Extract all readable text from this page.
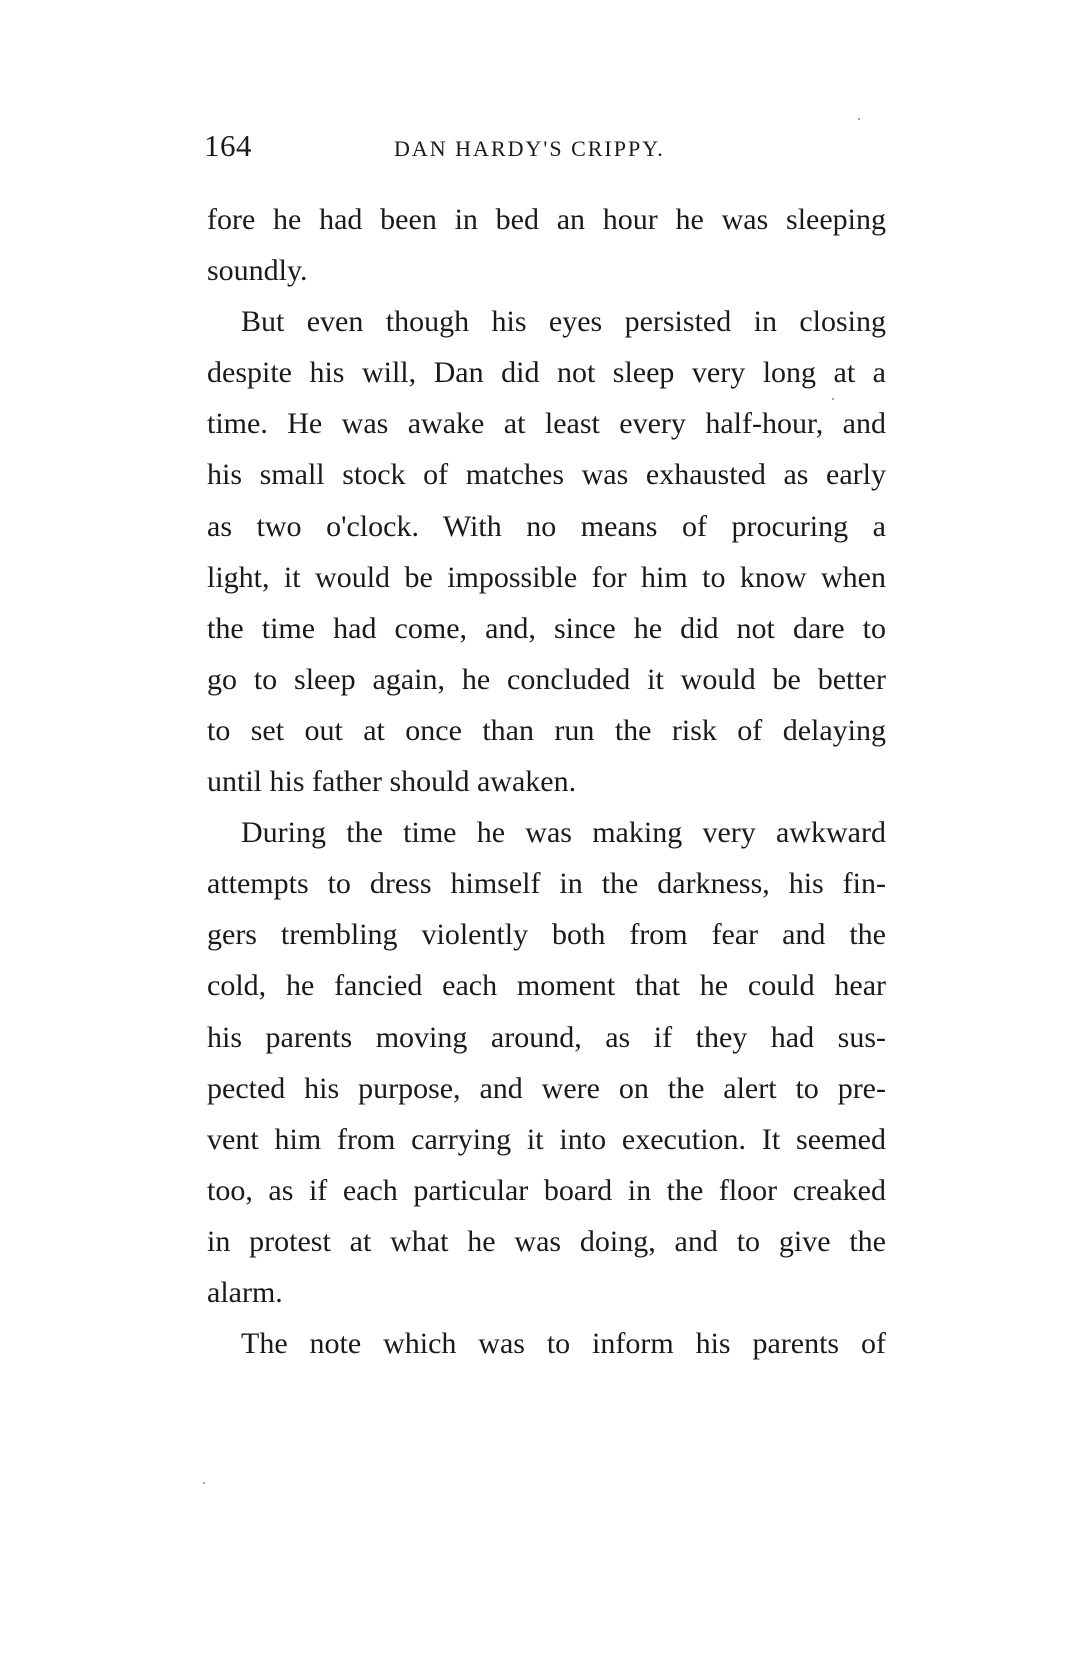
164	DAN HARDY'S CRIPPY.
fore he had been in bed an hour he was sleeping
soundly.
But even though his eyes persisted in closing
despite his will, Dan did not sleep very long at a
time. He was awake at least every half-hour, and
his small stock of matches was exhausted as early
as two o'clock. With no means of procuring a
light, it would be impossible for him to know when
the time had come, and, since he did not dare to
go to sleep again, he concluded it would be better
to set out at once than run the risk of delaying
until his father should awaken.
During the time he was making very awkward
attempts to dress himself in the darkness, his fin-
gers trembling violently both from fear and the
cold, he fancied each moment that he could hear
his parents moving around, as if they had sus-
pected his purpose, and were on the alert to pre-
vent him from carrying it into execution. It seemed
too, as if each particular board in the floor creaked
in protest at what he was doing, and to give the
alarm.
The note which was to inform his parents of
